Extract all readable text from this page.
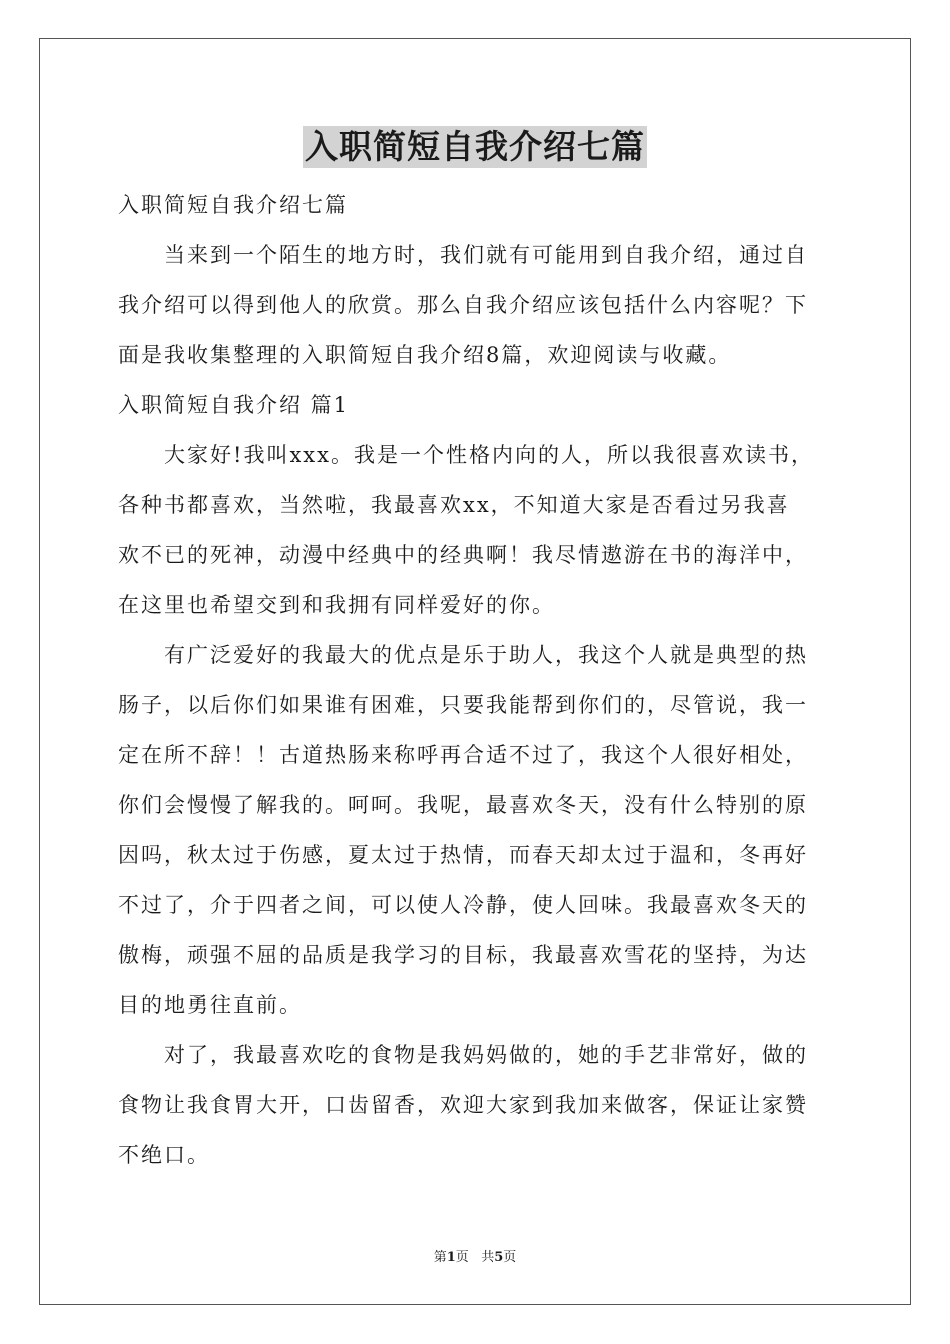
入职简短自我介绍七篇

入职简短自我介绍七篇

　　当来到一个陌生的地方时，我们就有可能用到自我介绍，通过自

我介绍可以得到他人的欣赏。那么自我介绍应该包括什么内容呢？下

面是我收集整理的入职简短自我介绍8篇，欢迎阅读与收藏。

入职简短自我介绍 篇1

　　大家好!我叫xxx。我是一个性格内向的人，所以我很喜欢读书，

各种书都喜欢，当然啦，我最喜欢xx，不知道大家是否看过另我喜

欢不已的死神，动漫中经典中的经典啊！我尽情遨游在书的海洋中，

在这里也希望交到和我拥有同样爱好的你。

　　有广泛爱好的我最大的优点是乐于助人，我这个人就是典型的热

肠子，以后你们如果谁有困难，只要我能帮到你们的，尽管说，我一

定在所不辞！！古道热肠来称呼再合适不过了，我这个人很好相处，

你们会慢慢了解我的。呵呵。我呢，最喜欢冬天，没有什么特别的原

因吗，秋太过于伤感，夏太过于热情，而春天却太过于温和，冬再好

不过了，介于四者之间，可以使人冷静，使人回味。我最喜欢冬天的

傲梅，顽强不屈的品质是我学习的目标，我最喜欢雪花的坚持，为达

目的地勇往直前。

　　对了，我最喜欢吃的食物是我妈妈做的，她的手艺非常好，做的

食物让我食胃大开，口齿留香，欢迎大家到我加来做客，保证让家赞

不绝口。

第1页 共5页
